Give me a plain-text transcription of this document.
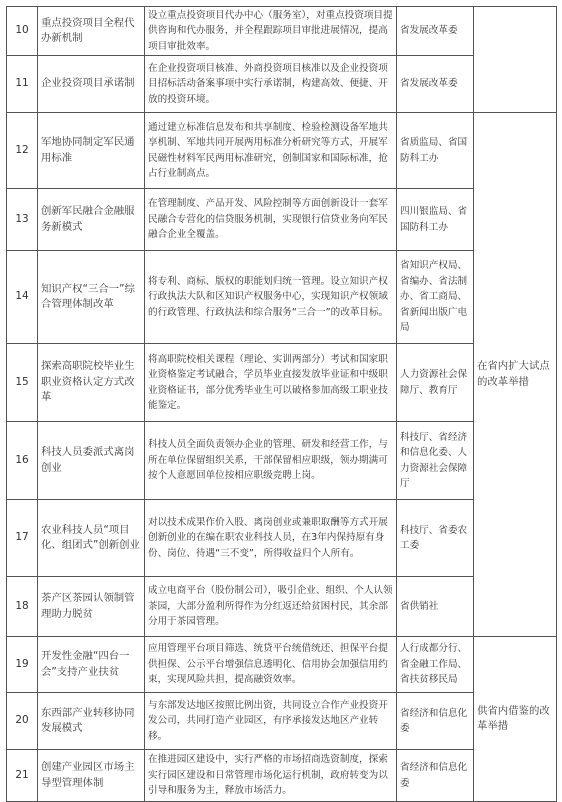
10	重点投资项目全程代办新机制	设立重点投资项目代办中心（服务室），对重点投资项目提供咨询和代办服务，并全程跟踪项目审批进展情况，提高项目审批效率。	省发展改革委	
11	企业投资项目承诺制	在企业投资项目核准、外商投资项目核准以及企业投资项目招标活动备案事项中实行承诺制，构建高效、便捷、开放的投资环境。	省发展改革委	
12	军地协同制定军民通用标准	通过建立标准信息发布和共享制度、检验检测设备军地共享机制、军地共同开展两用标准分析研究等方式，开展军民磁性材料军民两用标准研究，创制国家和国际标准，抢占行业制高点。	省质监局、省国防科工办	在省内扩大试点的改革举措
13	创新军民融合金融服务新模式	在管理制度、产品开发、风险控制等方面创新设计一套军民融合专营化的信贷服务机制，实现银行信贷业务向军民融合企业全覆盖。	四川银监局、省国防科工办	
14	知识产权“三合一”综合管理体制改革	将专利、商标、版权的职能划归统一管理。设立知识产权行政执法大队和区知识产权服务中心，实现知识产权领域的行政管理、行政执法和综合服务“三合一”的改革目标。	省知识产权局、省编办、省法制办、省工商局、省新闻出版广电局	
15	探索高职院校毕业生职业资格认定方式改革	将高职院校相关课程（理论、实训两部分）考试和国家职业资格鉴定考试融合，学员毕业直接发放毕业证和中级职业资格证书，部分优秀毕业生可以破格参加高级工职业技能鉴定。	人力资源社会保障厅、教育厅	
16	科技人员委派式离岗创业	科技人员全面负责领办企业的管理、研发和经营工作，与所在单位保留组织关系，干部保留相应职级，领办期满可按个人意愿回单位按相应职级竞聘上岗。	科技厅、省经济和信息化委、人力资源社会保障厅	
17	农业科技人员“项目化、组团式”创新创业	对以技术成果作价入股、离岗创业或兼职取酬等方式开展创新创业的在编在职农业科技人员，在3年内保持原有身份、岗位、待遇“三不变”，所得收益归个人所有。	科技厅、省委农工委	
18	茶产区茶园认领制管理助力脱贫	成立电商平台（股份制公司），吸引企业、组织、个人认领茶园，大部分盈利所得作为分红返还给贫困村民，其余部分用于茶园管理。	省供销社	
19	开发性金融“四台一会”支持产业扶贫	应用管理平台项目筛选、统贷平台统借统还、担保平台提供担保、公示平台增强信息透明化、信用协会加强信用约束，实现风险共担，提高融资效率。	人行成都分行、省金融工作局、省扶贫移民局	供省内借鉴的改革举措
20	东西部产业转移协同发展模式	与东部发达地区按照比例出资，共同设立合作产业投资开发公司，共同打造产业园区，有序承接发达地区产业转移。	省经济和信息化委	
21	创建产业园区市场主导型管理体制	在推进园区建设中，实行严格的市场招商选资制度，探索实行园区建设和日常管理市场化运行机制，政府转变为以引导和服务为主，释放市场活力。	省经济和信息化委	
